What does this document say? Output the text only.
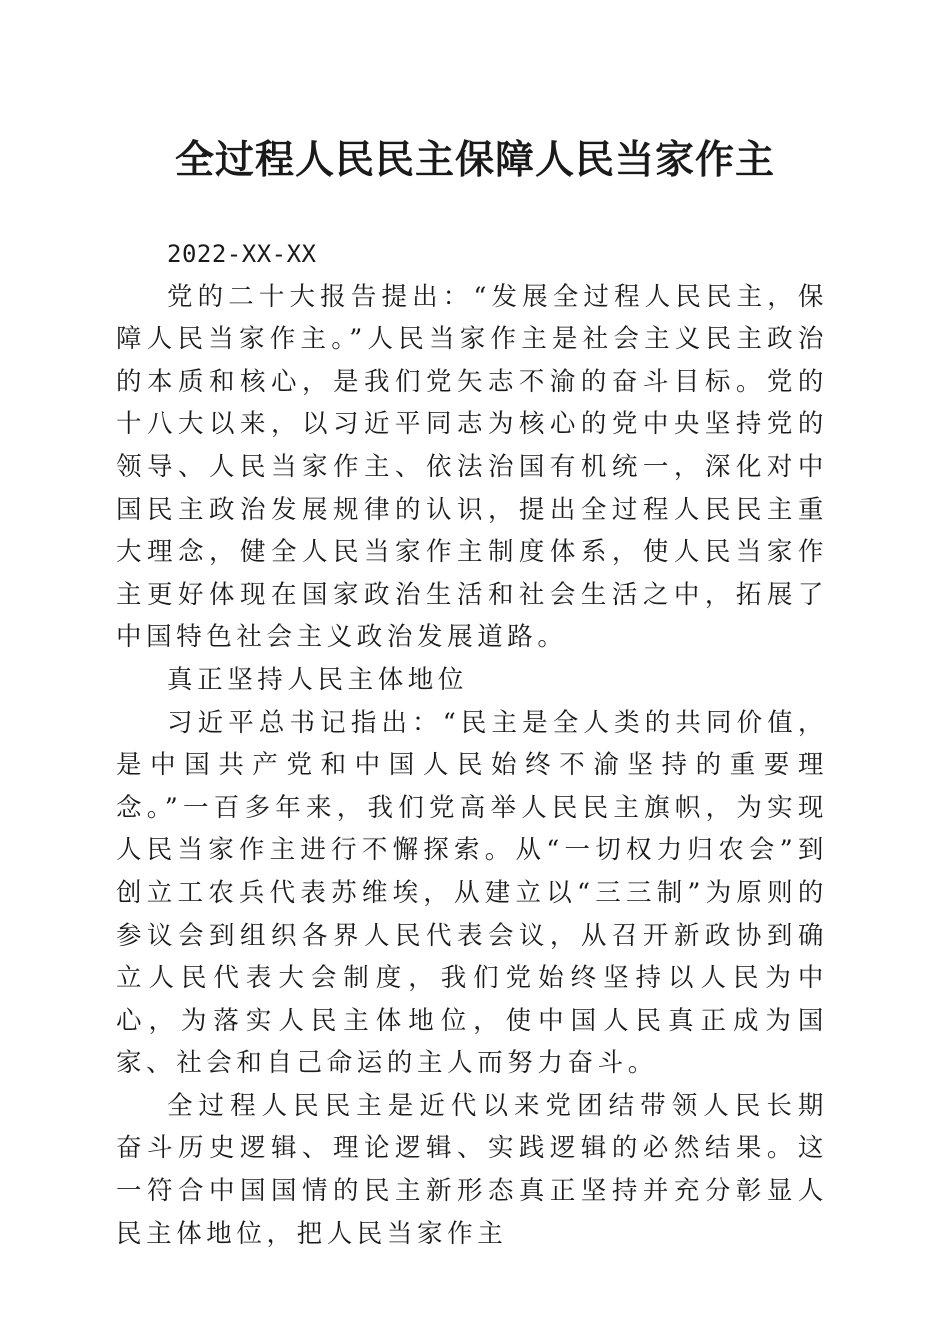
全过程人民民主保障人民当家作主

2022-XX-XX

党的二十大报告提出：“发展全过程人民民主，保障人民当家作主。”人民当家作主是社会主义民主政治的本质和核心，是我们党矢志不渝的奋斗目标。党的十八大以来，以习近平同志为核心的党中央坚持党的领导、人民当家作主、依法治国有机统一，深化对中国民主政治发展规律的认识，提出全过程人民民主重大理念，健全人民当家作主制度体系，使人民当家作主更好体现在国家政治生活和社会生活之中，拓展了中国特色社会主义政治发展道路。

真正坚持人民主体地位

习近平总书记指出：“民主是全人类的共同价值，是中国共产党和中国人民始终不渝坚持的重要理念。”一百多年来，我们党高举人民民主旗帜，为实现人民当家作主进行不懈探索。从“一切权力归农会”到创立工农兵代表苏维埃，从建立以“三三制”为原则的参议会到组织各界人民代表会议，从召开新政协到确立人民代表大会制度，我们党始终坚持以人民为中心，为落实人民主体地位，使中国人民真正成为国家、社会和自己命运的主人而努力奋斗。

全过程人民民主是近代以来党团结带领人民长期奋斗历史逻辑、理论逻辑、实践逻辑的必然结果。这一符合中国国情的民主新形态真正坚持并充分彰显人民主体地位，把人民当家作主
